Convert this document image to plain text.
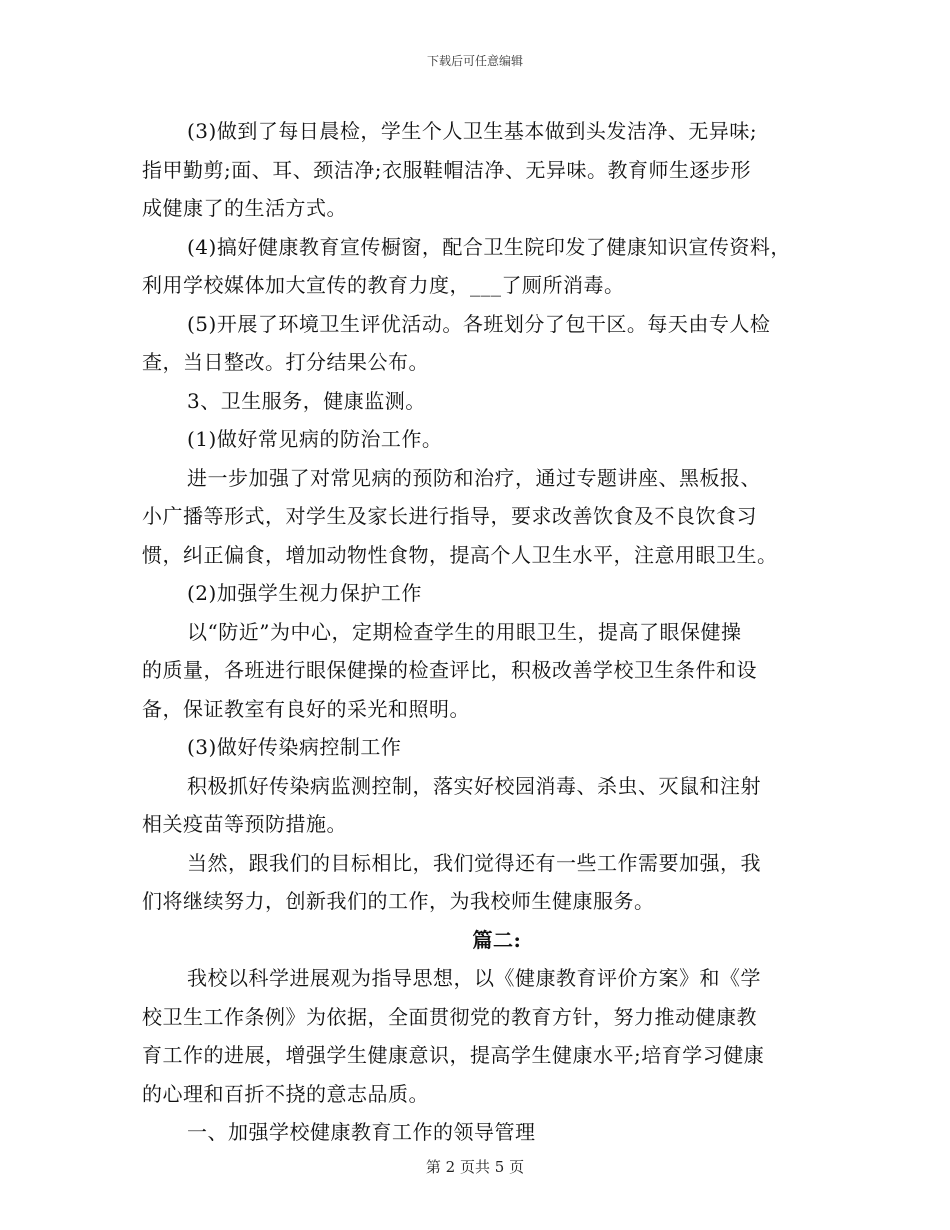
下载后可任意编辑
(3)做到了每日晨检，学生个人卫生基本做到头发洁净、无异味;
指甲勤剪;面、耳、颈洁净;衣服鞋帽洁净、无异味。教育师生逐步形
成健康了的生活方式。
(4)搞好健康教育宣传橱窗，配合卫生院印发了健康知识宣传资料，
利用学校媒体加大宣传的教育力度，___了厕所消毒。
(5)开展了环境卫生评优活动。各班划分了包干区。每天由专人检
查，当日整改。打分结果公布。
3、卫生服务，健康监测。
(1)做好常见病的防治工作。
进一步加强了对常见病的预防和治疗，通过专题讲座、黑板报、
小广播等形式，对学生及家长进行指导，要求改善饮食及不良饮食习
惯，纠正偏食，增加动物性食物，提高个人卫生水平，注意用眼卫生。
(2)加强学生视力保护工作
以“防近”为中心，定期检查学生的用眼卫生，提高了眼保健操
的质量，各班进行眼保健操的检查评比，积极改善学校卫生条件和设
备，保证教室有良好的采光和照明。
(3)做好传染病控制工作
积极抓好传染病监测控制，落实好校园消毒、杀虫、灭鼠和注射
相关疫苗等预防措施。
当然，跟我们的目标相比，我们觉得还有一些工作需要加强，我
们将继续努力，创新我们的工作，为我校师生健康服务。
篇二:
我校以科学进展观为指导思想，以《健康教育评价方案》和《学
校卫生工作条例》为依据，全面贯彻党的教育方针，努力推动健康教
育工作的进展，增强学生健康意识，提高学生健康水平;培育学习健康
的心理和百折不挠的意志品质。
一、加强学校健康教育工作的领导管理
第 2 页共 5 页
